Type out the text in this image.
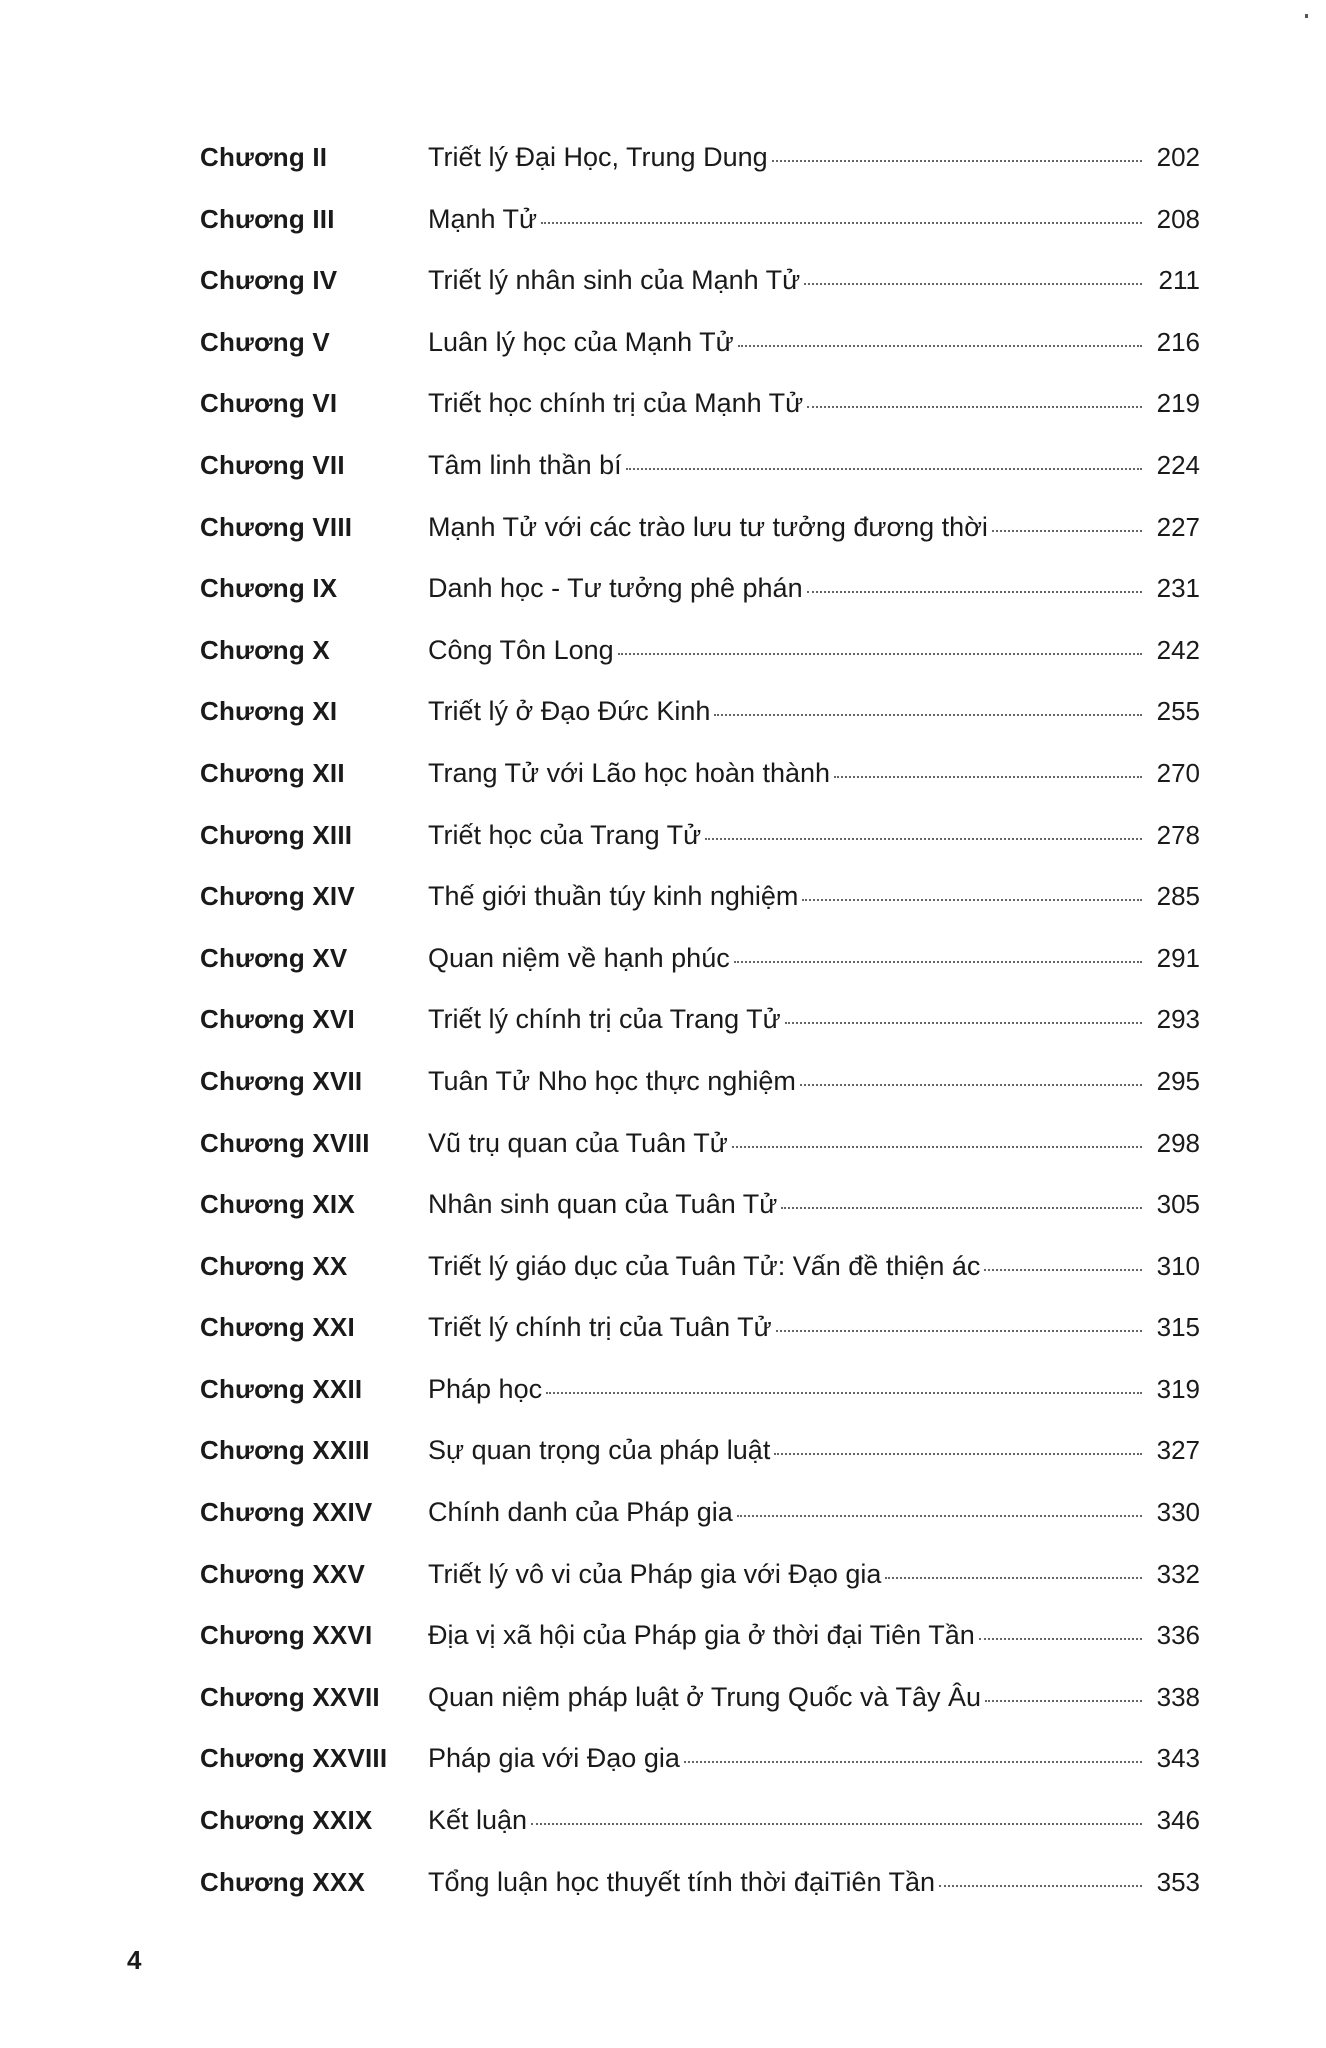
Chương II	Triết lý Đại Học, Trung Dung	202
Chương III	Mạnh Tử	208
Chương IV	Triết lý nhân sinh của Mạnh Tử	211
Chương V	Luân lý học của Mạnh Tử	216
Chương VI	Triết học chính trị của Mạnh Tử	219
Chương VII	Tâm linh thần bí	224
Chương VIII	Mạnh Tử với các trào lưu tư tưởng đương thời	227
Chương IX	Danh học - Tư tưởng phê phán	231
Chương X	Công Tôn Long	242
Chương XI	Triết lý ở Đạo Đức Kinh	255
Chương XII	Trang Tử với Lão học hoàn thành	270
Chương XIII	Triết học của Trang Tử	278
Chương XIV	Thế giới thuần túy kinh nghiệm	285
Chương XV	Quan niệm về hạnh phúc	291
Chương XVI	Triết lý chính trị của Trang Tử	293
Chương XVII	Tuân Tử Nho học thực nghiệm	295
Chương XVIII	Vũ trụ quan của Tuân Tử	298
Chương XIX	Nhân sinh quan của Tuân Tử	305
Chương XX	Triết lý giáo dục của Tuân Tử: Vấn đề thiện ác	310
Chương XXI	Triết lý chính trị của Tuân Tử	315
Chương XXII	Pháp học	319
Chương XXIII	Sự quan trọng của pháp luật	327
Chương XXIV	Chính danh của Pháp gia	330
Chương XXV	Triết lý vô vi của Pháp gia với Đạo gia	332
Chương XXVI	Địa vị xã hội của Pháp gia ở thời đại Tiên Tần	336
Chương XXVII	Quan niệm pháp luật ở Trung Quốc và Tây Âu	338
Chương XXVIII	Pháp gia với Đạo gia	343
Chương XXIX	Kết luận	346
Chương XXX	Tổng luận học thuyết tính thời đạiTiên Tần	353
4
